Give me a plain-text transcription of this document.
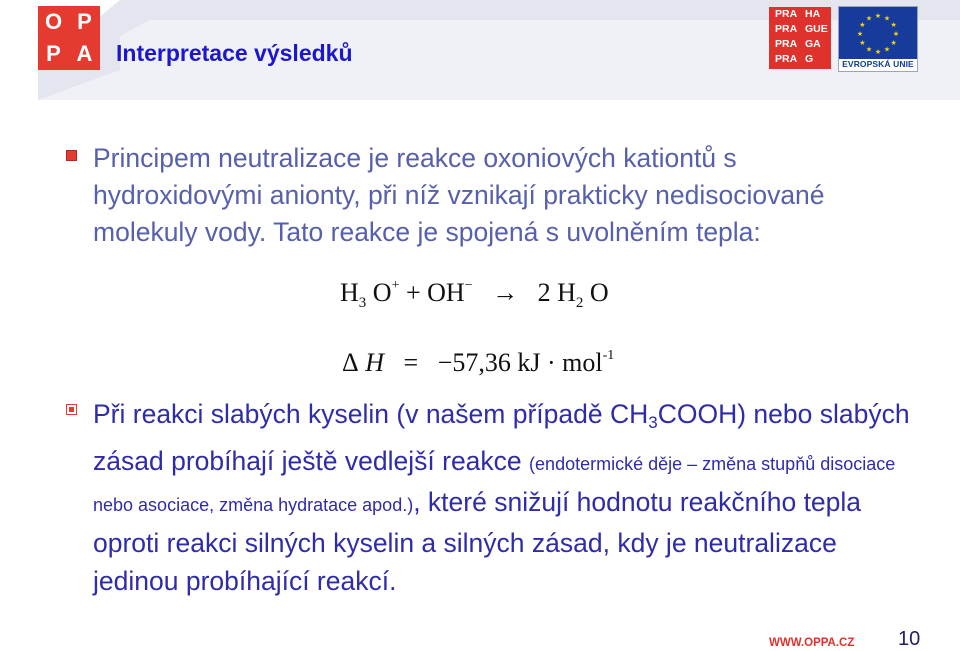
O P
P A	Interpretace výsledků
PRA HA
PRA GUE
PRA GA
PRA G
★ ★
★
★
★
★
★
★
★
★
★
★
EVROPSKÁ UNIE
Principem neutralizace je reakce oxoniových kationtů s hydroxidovými anionty, při níž vznikají prakticky nedisociované molekuly vody. Tato reakce je spojená s uvolněním tepla:
$H_3$ O+ + OH− → 2 $H_2$ O
Δ H = −57,36 kJ · mol$^{-1}$
Při reakci slabých kyselin (v našem případě CH3COOH) nebo slabých zásad probíhají ještě vedlejší reakce (endotermické děje – změna stupňů disociace nebo asociace, změna hydratace apod.), které snižují hodnotu reakčního tepla oproti reakci silných kyselin a silných zásad, kdy je neutralizace jedinou probíhající reakcí.
WWW.OPPA.CZ 10
